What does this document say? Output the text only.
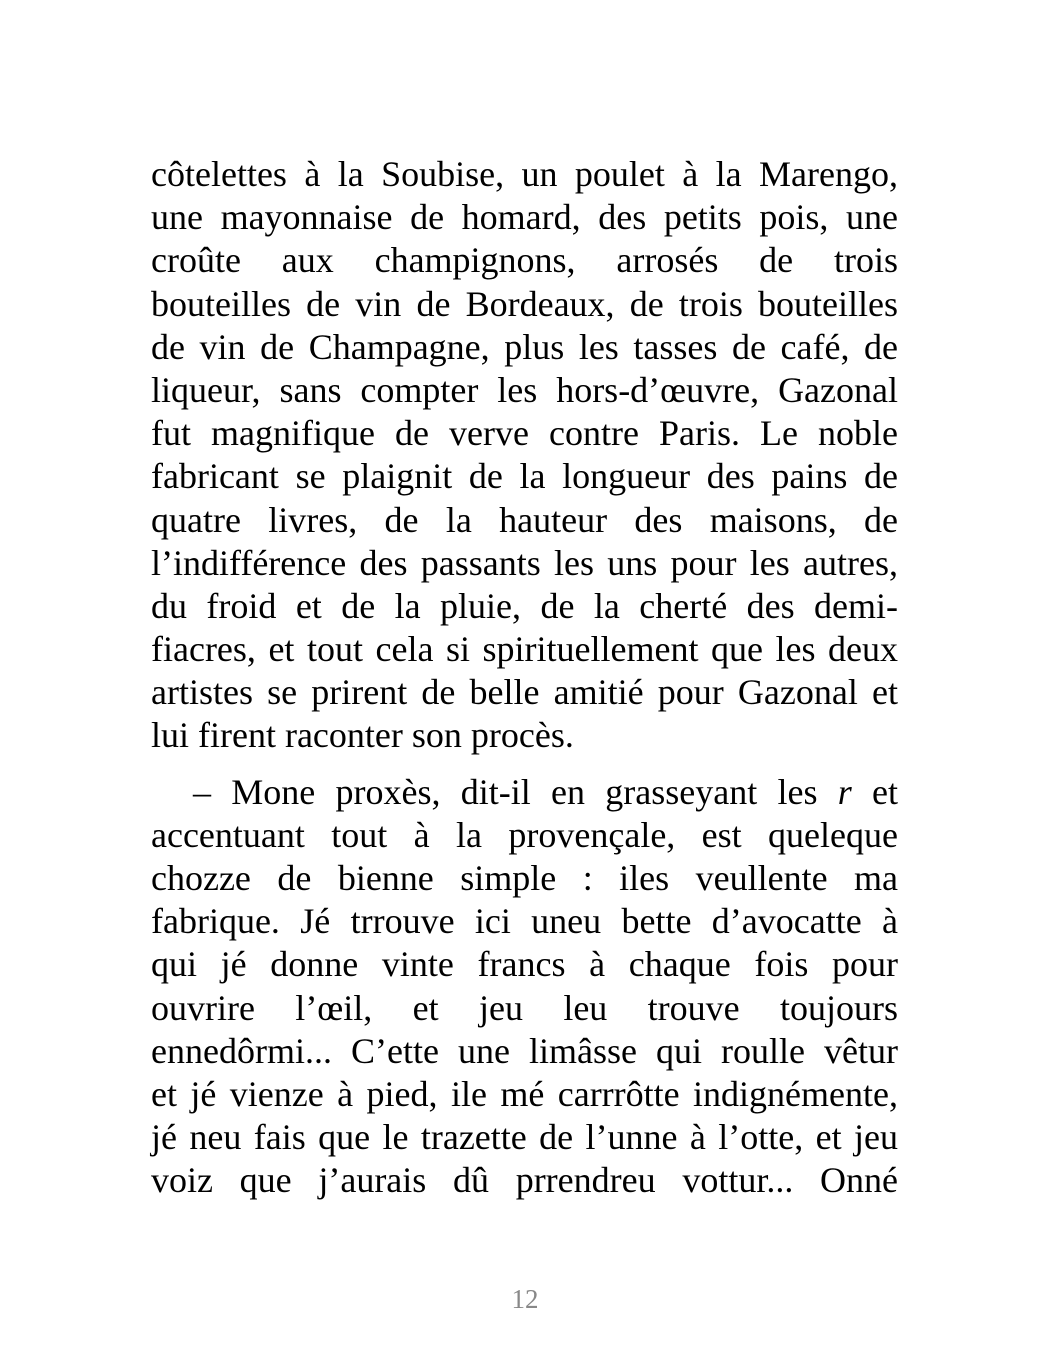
côtelettes à la Soubise, un poulet à la Marengo,
une mayonnaise de homard, des petits pois, une
croûte aux champignons, arrosés de trois
bouteilles de vin de Bordeaux, de trois bouteilles
de vin de Champagne, plus les tasses de café, de
liqueur, sans compter les hors-d’œuvre, Gazonal
fut magnifique de verve contre Paris. Le noble
fabricant se plaignit de la longueur des pains de
quatre livres, de la hauteur des maisons, de
l’indifférence des passants les uns pour les autres,
du froid et de la pluie, de la cherté des demi-
fiacres, et tout cela si spirituellement que les deux
artistes se prirent de belle amitié pour Gazonal et
lui firent raconter son procès.
– Mone proxès, dit-il en grasseyant les r et
accentuant tout à la provençale, est queleque
chozze de bienne simple : iles veullente ma
fabrique. Jé trrouve ici uneu bette d’avocatte à
qui jé donne vinte francs à chaque fois pour
ouvrire l’œil, et jeu leu trouve toujours
ennedôrmi... C’ette une limâsse qui roulle vêtur
et jé vienze à pied, ile mé carrrôtte indignémente,
jé neu fais que le trazette de l’unne à l’otte, et jeu
voiz que j’aurais dû prrendreu vottur... Onné
12
